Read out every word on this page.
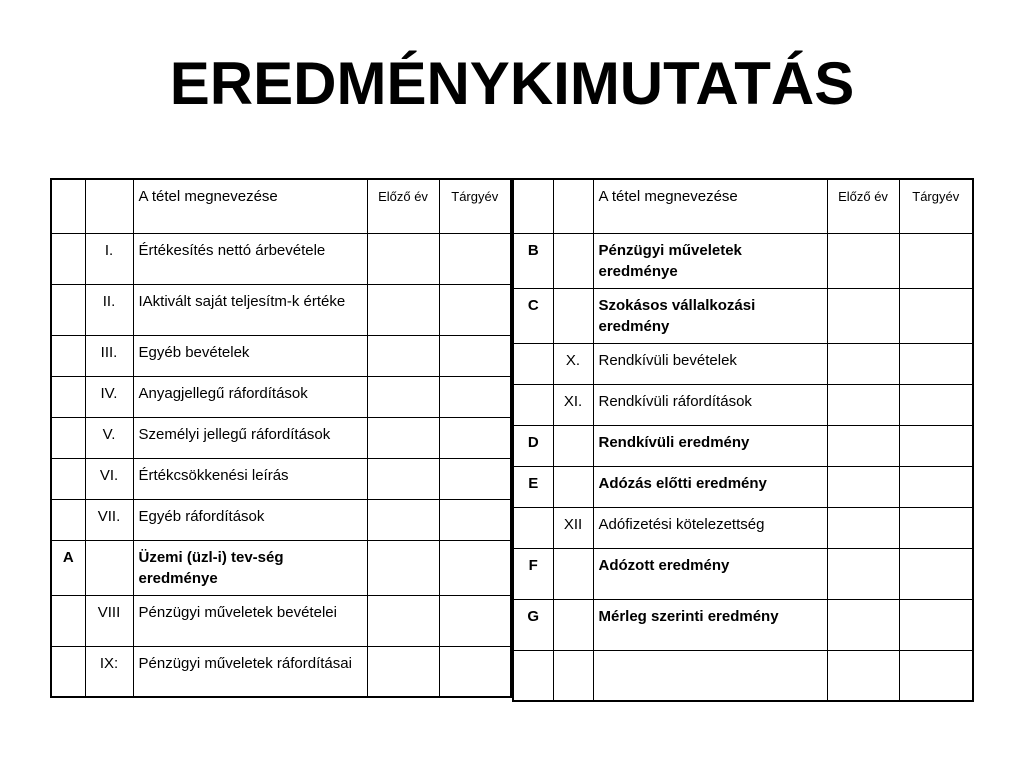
EREDMÉNYKIMUTATÁS
		A tétel megnevezése	Előző év	Tárgyév
	I.	Értékesítés nettó árbevétele		
	II.	IAktivált saját teljesítm-k értéke		
	III.	Egyéb bevételek		
	IV.	Anyagjellegű ráfordítások		
	V.	Személyi jellegű ráfordítások		
	VI.	Értékcsökkenési leírás		
	VII.	Egyéb ráfordítások		
A		Üzemi (üzl-i) tev-ség eredménye		
	VIII	Pénzügyi műveletek bevételei		
	IX:	Pénzügyi műveletek ráfordításai		
		A tétel megnevezése	Előző év	Tárgyév
B		Pénzügyi műveletek eredménye		
C		Szokásos vállalkozási eredmény		
	X.	Rendkívüli bevételek		
	XI.	Rendkívüli ráfordítások		
D		Rendkívüli eredmény		
E		Adózás előtti eredmény		
	XII	Adófizetési kötelezettség		
F		Adózott eredmény		
G		Mérleg szerinti eredmény		
